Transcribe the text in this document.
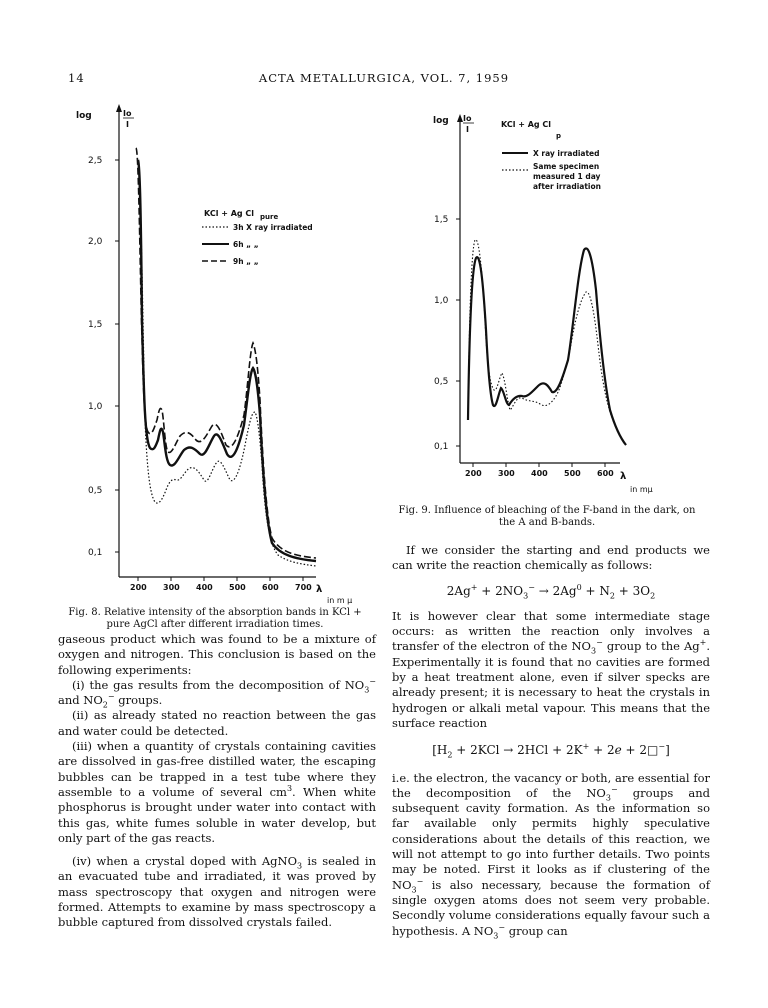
14	ACTA METALLURGICA, VOL. 7, 1959
log	Io
I
2,5
2,0
1,5
1,0
0,5
0,1
200 300 400 500 600 700 λ
in m μ
KCl + Ag Cl pure
3h X ray irradiated
6h „ „
9h „ „
Fig. 8. Relative intensity of the absorption bands in KCl + pure AgCl after different irradiation times.
log Io
I
1,5
1,0
0,5
0,1
200 300 400 500 600 λ
in mμ
KCl + Ag Cl
p
X ray irradiated
Same specimen
measured 1 day
after irradiation
Fig. 9. Influence of bleaching of the F-band in the dark, on the A and B-bands.

gaseous product which was found to be a mixture of oxygen and nitrogen. This conclusion is based on the following experiments:

(i) the gas results from the decomposition of $NO_3^-$ and $NO_2^-$ groups.

(ii) as already stated no reaction between the gas and water could be detected.

(iii) when a quantity of crystals containing cavities are dissolved in gas-free distilled water, the escaping bubbles can be trapped in a test tube where they assemble to a volume of several $cm^3$. When white phosphorus is brought under water into contact with this gas, white fumes soluble in water develop, but only part of the gas reacts.

(iv) when a crystal doped with AgNO$_3$ is sealed in an evacuated tube and irradiated, it was proved by mass spectroscopy that oxygen and nitrogen were formed. Attempts to examine by mass spectroscopy a bubble captured from dissolved crystals failed.

If we consider the starting and end products we can write the reaction chemically as follows:

$2Ag^+ + 2NO_3^- \to 2Ag^0 + N_2 + 3O_2$

It is however clear that some intermediate stage occurs: as written the reaction only involves a transfer of the electron of the $NO_3^-$ group to the Ag+. Experimentally it is found that no cavities are formed by a heat treatment alone, even if silver specks are already present; it is necessary to heat the crystals in hydrogen or alkali metal vapour. This means that the surface reaction

[$H_2 + 2KCl \to 2HCl + 2K^+ + 2e$ + 2□−]

i.e. the electron, the vacancy or both, are essential for the decomposition of the $NO_3^-$ groups and subsequent cavity formation. As the information so far available only permits highly speculative considerations about the details of this reaction, we will not attempt to go into further details. Two points may be noted. First it looks as if clustering of the $NO_3^-$ is also necessary, because the formation of single oxygen atoms does not seem very probable. Secondly volume considerations equally favour such a hypothesis. A $NO_3^-$ group can
